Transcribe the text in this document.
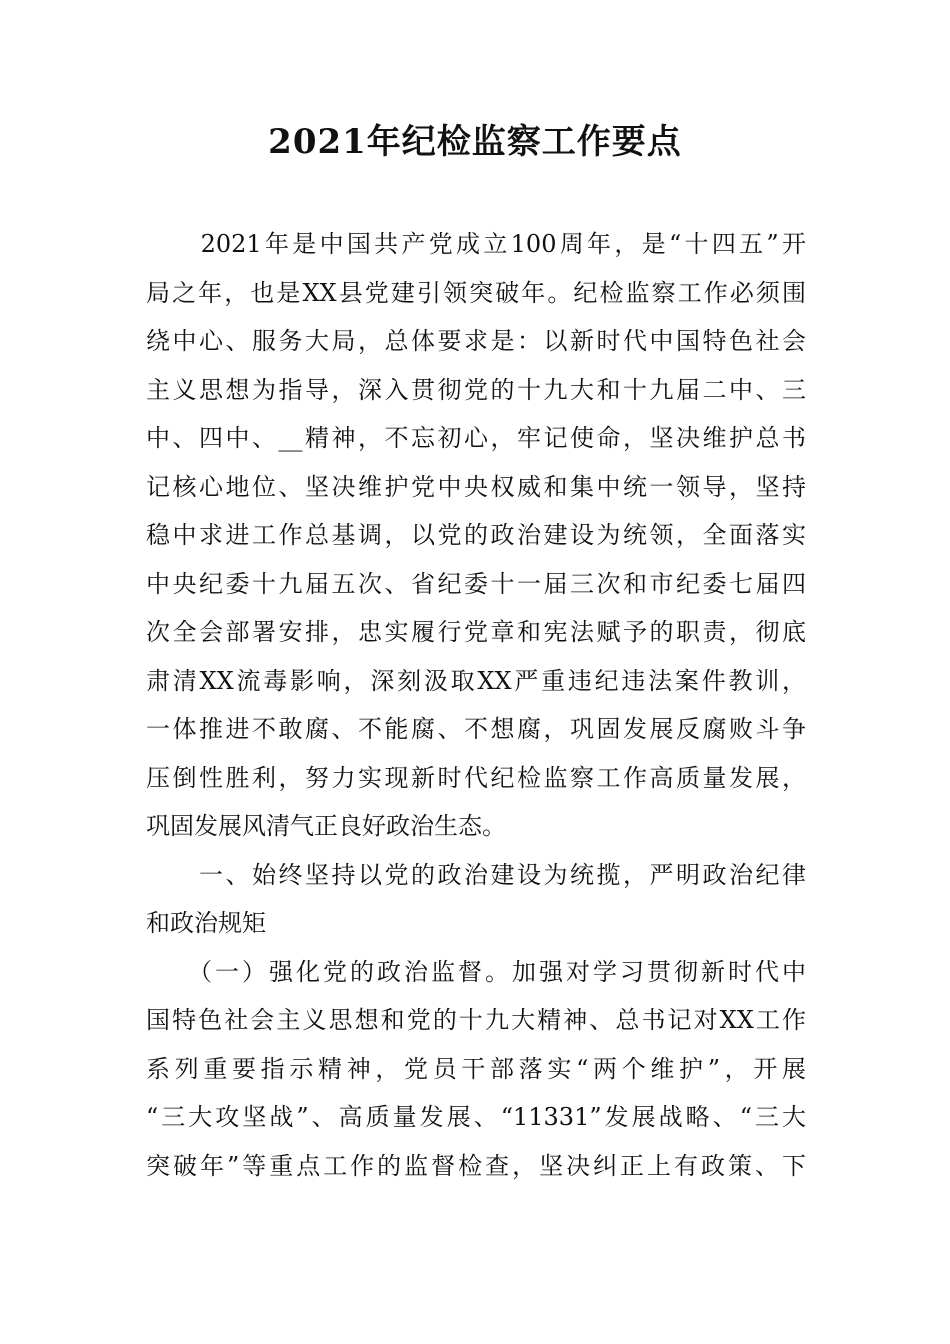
2021年纪检监察工作要点
　　2021年是中国共产党成立100周年，是“十四五”开
局之年，也是XX县党建引领突破年。纪检监察工作必须围
绕中心、服务大局，总体要求是：以新时代中国特色社会
主义思想为指导，深入贯彻党的十九大和十九届二中、三
中、四中、__精神，不忘初心，牢记使命，坚决维护总书
记核心地位、坚决维护党中央权威和集中统一领导，坚持
稳中求进工作总基调，以党的政治建设为统领，全面落实
中央纪委十九届五次、省纪委十一届三次和市纪委七届四
次全会部署安排，忠实履行党章和宪法赋予的职责，彻底
肃清XX流毒影响，深刻汲取XX严重违纪违法案件教训，
一体推进不敢腐、不能腐、不想腐，巩固发展反腐败斗争
压倒性胜利，努力实现新时代纪检监察工作高质量发展，
巩固发展风清气正良好政治生态。
　　一、始终坚持以党的政治建设为统揽，严明政治纪律
和政治规矩
　　（一）强化党的政治监督。加强对学习贯彻新时代中
国特色社会主义思想和党的十九大精神、总书记对XX工作
系列重要指示精神，党员干部落实“两个维护”，开展
“三大攻坚战”、高质量发展、“11331”发展战略、“三大
突破年”等重点工作的监督检查，坚决纠正上有政策、下
